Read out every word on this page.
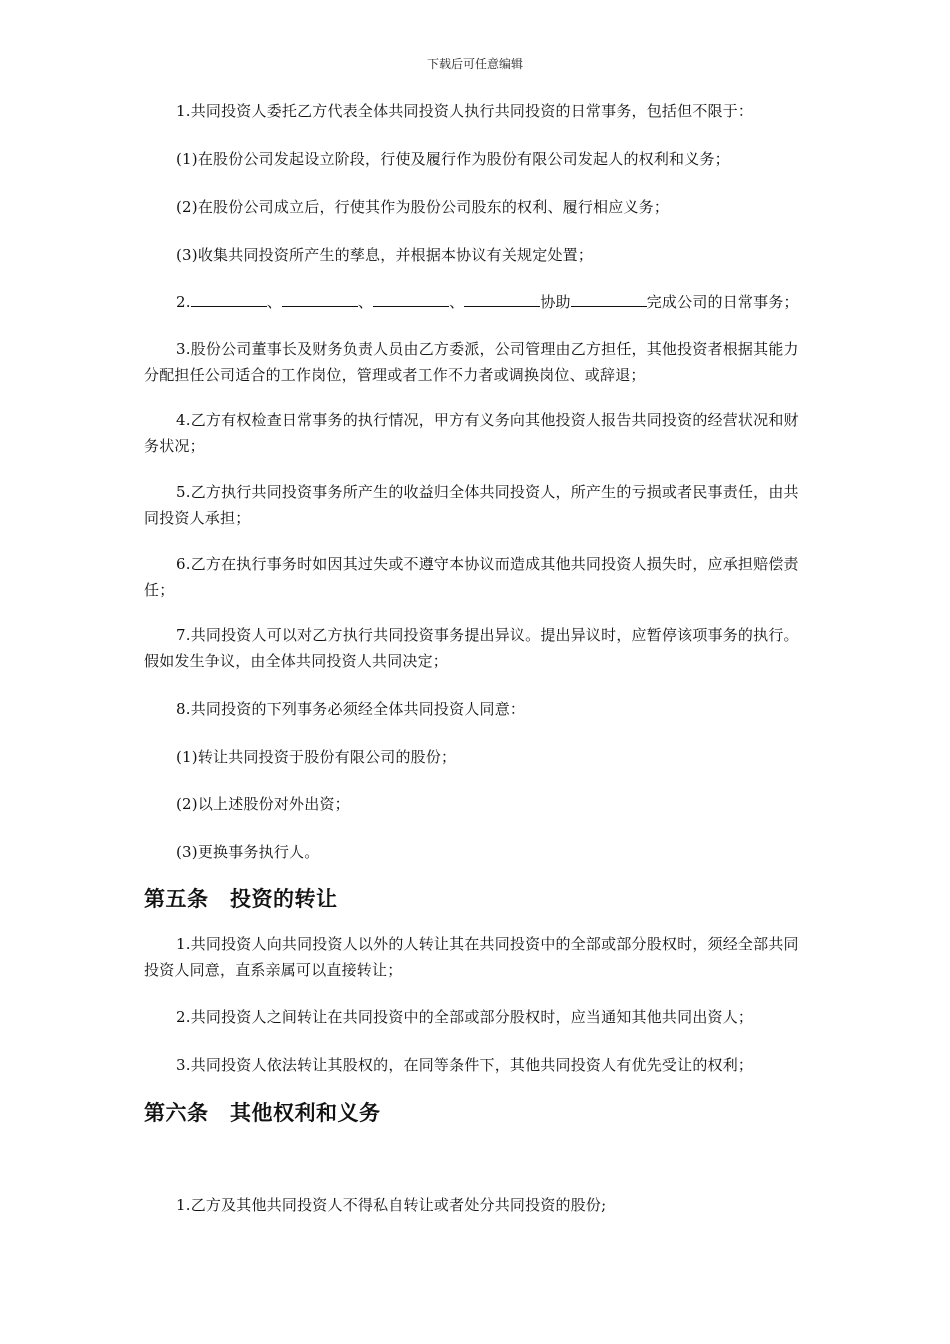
下载后可任意编辑
1.共同投资人委托乙方代表全体共同投资人执行共同投资的日常事务，包括但不限于：
(1)在股份公司发起设立阶段，行使及履行作为股份有限公司发起人的权利和义务；
(2)在股份公司成立后，行使其作为股份公司股东的权利、履行相应义务；
(3)收集共同投资所产生的孳息，并根据本协议有关规定处置；
2.	、	、	、	协助	完成公司的日常事务；
3.股份公司董事长及财务负责人员由乙方委派，公司管理由乙方担任，其他投资者根据其能力分配担任公司适合的工作岗位，管理或者工作不力者或调换岗位、或辞退；
4.乙方有权检查日常事务的执行情况，甲方有义务向其他投资人报告共同投资的经营状况和财务状况；
5.乙方执行共同投资事务所产生的收益归全体共同投资人，所产生的亏损或者民事责任，由共同投资人承担；
6.乙方在执行事务时如因其过失或不遵守本协议而造成其他共同投资人损失时，应承担赔偿责任；
7.共同投资人可以对乙方执行共同投资事务提出异议。提出异议时，应暂停该项事务的执行。假如发生争议，由全体共同投资人共同决定；
8.共同投资的下列事务必须经全体共同投资人同意：
(1)转让共同投资于股份有限公司的股份；
(2)以上述股份对外出资；
(3)更换事务执行人。
第五条　投资的转让
1.共同投资人向共同投资人以外的人转让其在共同投资中的全部或部分股权时，须经全部共同投资人同意，直系亲属可以直接转让；
2.共同投资人之间转让在共同投资中的全部或部分股权时，应当通知其他共同出资人；
3.共同投资人依法转让其股权的，在同等条件下，其他共同投资人有优先受让的权利；
第六条　其他权利和义务
1.乙方及其他共同投资人不得私自转让或者处分共同投资的股份;
